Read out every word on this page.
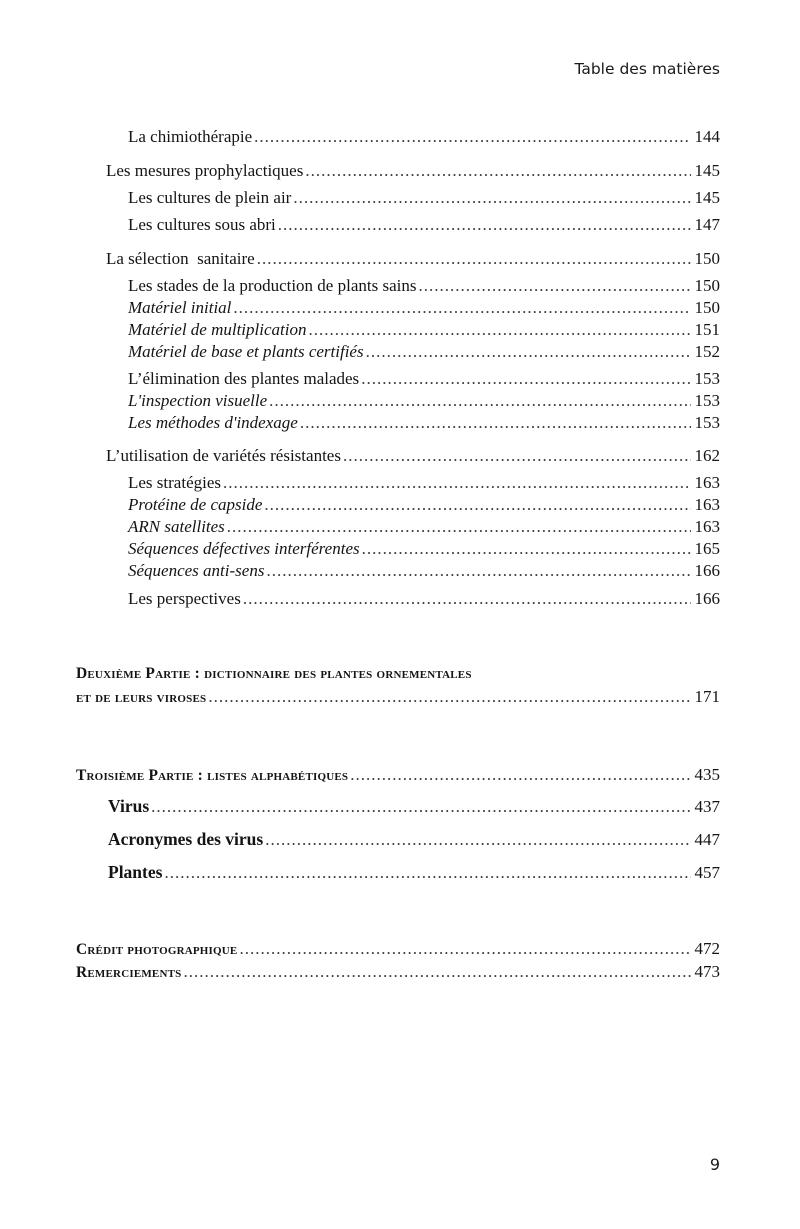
Table des matières
La chimiothérapie .....	144
Les mesures prophylactiques .....	145
Les cultures de plein air .....	145
Les cultures sous abri .....	147
La sélection  sanitaire .....	150
Les stades de la production de plants sains .....	150
Matériel initial .....	150
Matériel de multiplication .....	151
Matériel de base et plants certifiés .....	152
L’élimination des plantes malades .....	153
L'inspection visuelle .....	153
Les méthodes d'indexage .....	153
L’utilisation de variétés résistantes .....	162
Les stratégies .....	163
Protéine de capside .....	163
ARN satellites .....	163
Séquences défectives interférentes .....	165
Séquences anti-sens .....	166
Les perspectives .....	166
Deuxième Partie : dictionnaire des plantes ornementales
et de leurs viroses .....	171
Troisième Partie : listes alphabétiques .....	435
Virus .....	437
Acronymes des virus .....	447
Plantes .....	457
Crédit photographique .....	472
Remerciements .....	473
9
